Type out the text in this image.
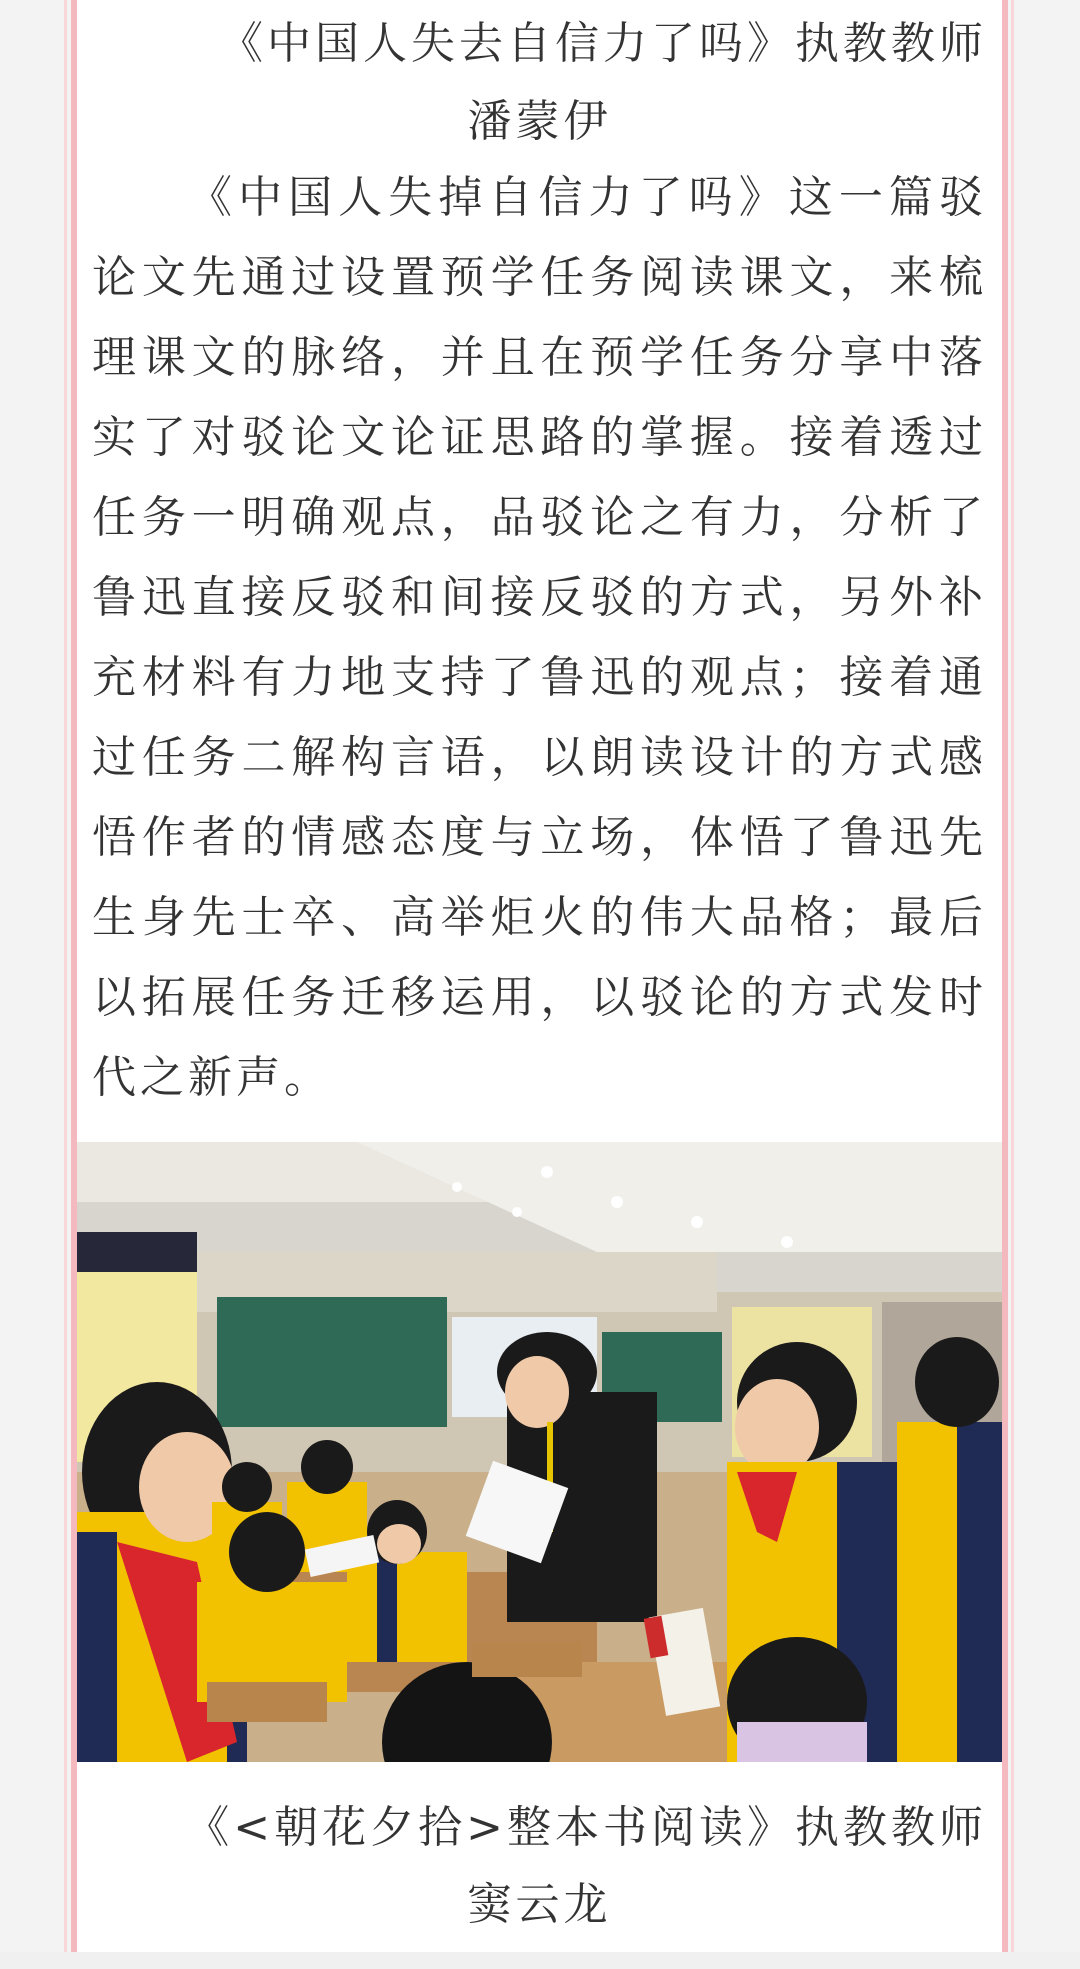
《中国人失去自信力了吗》执教教师
潘蒙伊
《中国人失掉自信力了吗》这一篇驳论文先通过设置预学任务阅读课文，来梳理课文的脉络，并且在预学任务分享中落实了对驳论文论证思路的掌握。接着透过任务一明确观点，品驳论之有力，分析了鲁迅直接反驳和间接反驳的方式，另外补充材料有力地支持了鲁迅的观点；接着通过任务二解构言语，以朗读设计的方式感悟作者的情感态度与立场，体悟了鲁迅先生身先士卒、高举炬火的伟大品格；最后以拓展任务迁移运用，以驳论的方式发时代之新声。
《<朝花夕拾>整本书阅读》执教教师
窦云龙
